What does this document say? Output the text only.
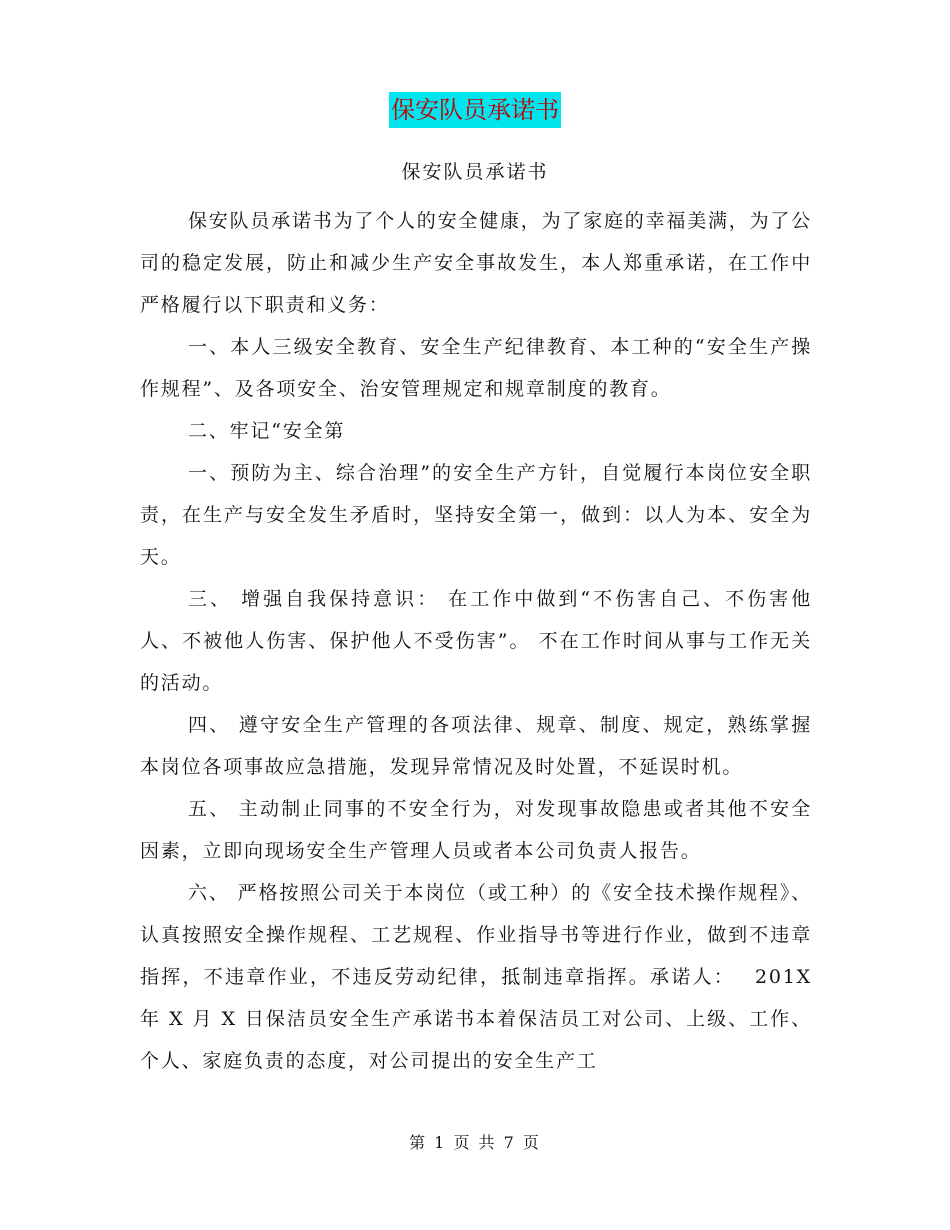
保安队员承诺书
保安队员承诺书

保安队员承诺书为了个人的安全健康，为了家庭的幸福美满，为了公司的稳定发展，防止和减少生产安全事故发生，本人郑重承诺，在工作中严格履行以下职责和义务：

一、本人三级安全教育、安全生产纪律教育、本工种的“安全生产操作规程”、及各项安全、治安管理规定和规章制度的教育。

二、牢记“安全第

一、预防为主、综合治理”的安全生产方针，自觉履行本岗位安全职责，在生产与安全发生矛盾时，坚持安全第一，做到：以人为本、安全为天。

三、 增强自我保持意识： 在工作中做到“不伤害自己、不伤害他人、不被他人伤害、保护他人不受伤害”。 不在工作时间从事与工作无关的活动。

四、 遵守安全生产管理的各项法律、规章、制度、规定，熟练掌握本岗位各项事故应急措施，发现异常情况及时处置，不延误时机。

五、 主动制止同事的不安全行为，对发现事故隐患或者其他不安全因素，立即向现场安全生产管理人员或者本公司负责人报告。

六、 严格按照公司关于本岗位（或工种）的《安全技术操作规程》、 认真按照安全操作规程、工艺规程、作业指导书等进行作业，做到不违章指挥，不违章作业，不违反劳动纪律，抵制违章指挥。承诺人：　 201X 年 X 月 X 日保洁员安全生产承诺书本着保洁员工对公司、上级、工作、个人、家庭负责的态度，对公司提出的安全生产工

第 1 页 共 7 页
